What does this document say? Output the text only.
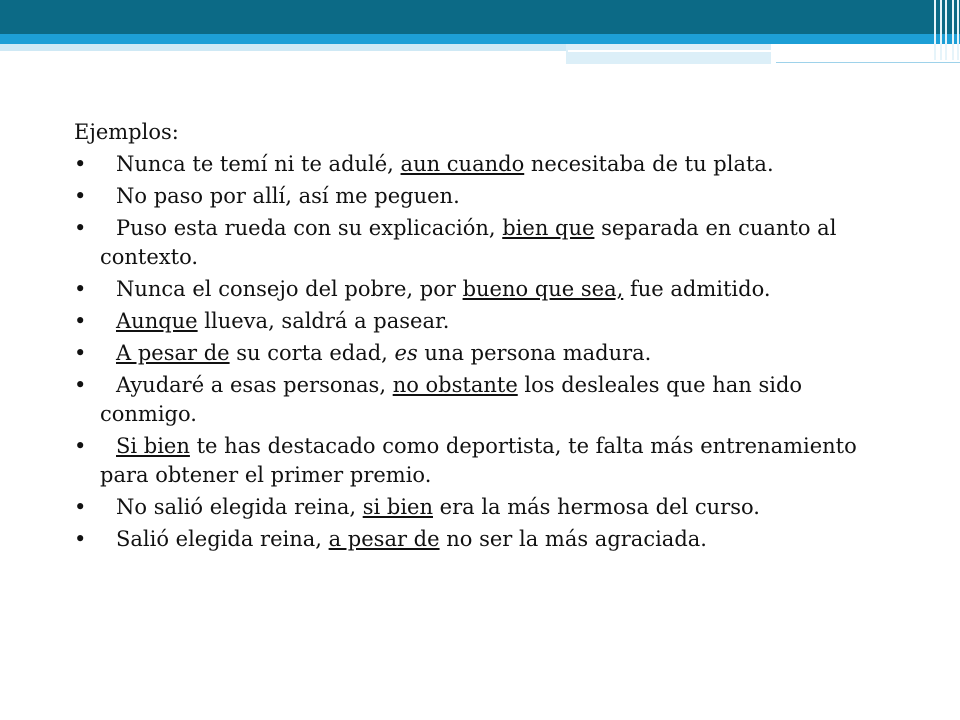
Ejemplos:
•	Nunca te temí ni te adulé, aun cuando necesitaba de tu plata.
•	No paso por allí, así me peguen.
•	Puso esta rueda con su explicación, bien que separada en cuanto al contexto.
•	Nunca el consejo del pobre, por bueno que sea, fue admitido.
•	Aunque llueva, saldrá a pasear.
•	A pesar de su corta edad, es una persona madura.
•	Ayudaré a esas personas, no obstante los desleales que han sido conmigo.
•	Si bien te has destacado como deportista, te falta más entrenamiento para obtener el primer premio.
•	No salió elegida reina, si bien era la más hermosa del curso.
•	Salió elegida reina, a pesar de no ser la más agraciada.
